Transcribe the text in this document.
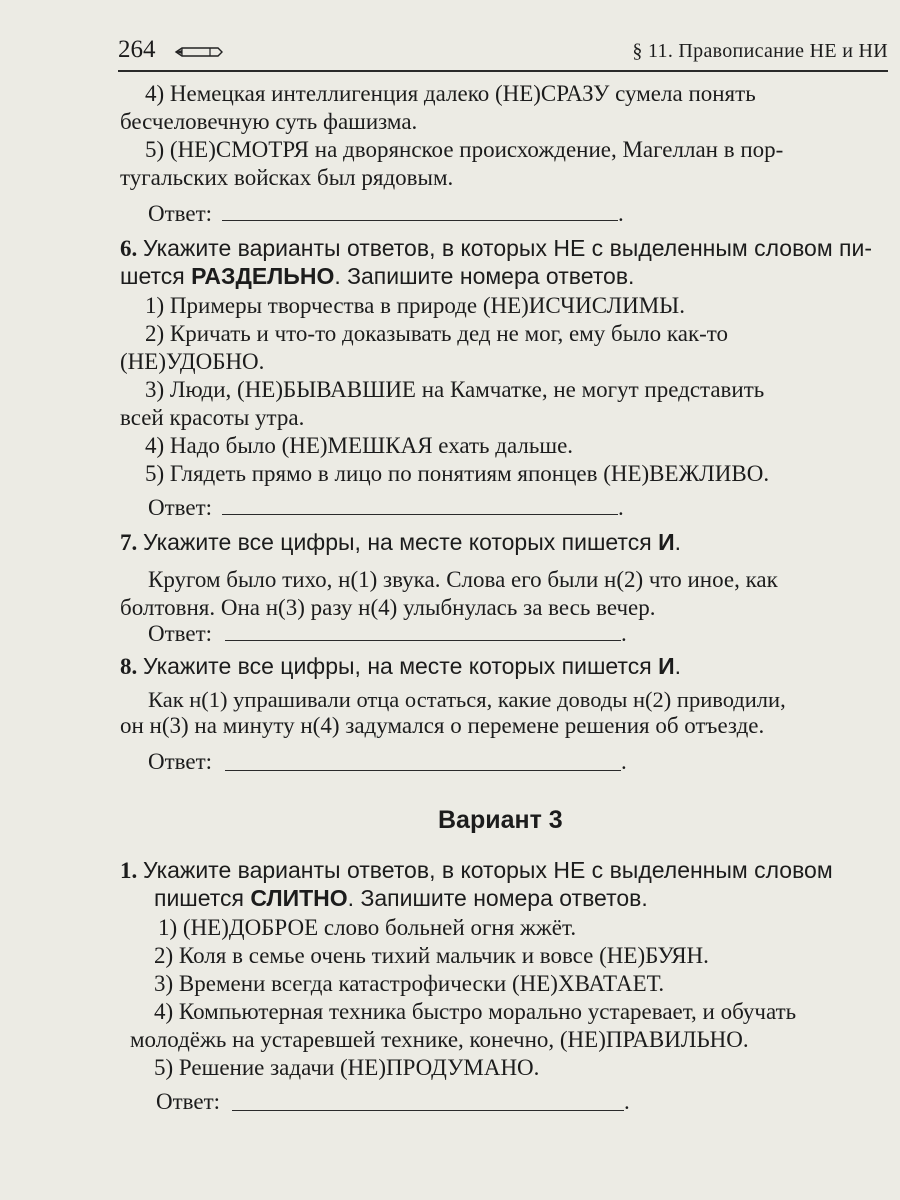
264	§ 11. Правописание НЕ и НИ
4) Немецкая интеллигенция далеко (НЕ)СРАЗУ сумела понять
бесчеловечную суть фашизма.
5) (НЕ)СМОТРЯ на дворянское происхождение, Магеллан в пор-
тугальских войсках был рядовым.
Ответ:	.
6. Укажите варианты ответов, в которых НЕ с выделенным словом пи-
шется РАЗДЕЛЬНО. Запишите номера ответов.
1) Примеры творчества в природе (НЕ)ИСЧИСЛИМЫ.
2) Кричать и что-то доказывать дед не мог, ему было как-то
(НЕ)УДОБНО.
3) Люди, (НЕ)БЫВАВШИЕ на Камчатке, не могут представить
всей красоты утра.
4) Надо было (НЕ)МЕШКАЯ ехать дальше.
5) Глядеть прямо в лицо по понятиям японцев (НЕ)ВЕЖЛИВО.
Ответ:	.
7. Укажите все цифры, на месте которых пишется И.
Кругом было тихо, н(1) звука. Слова его были н(2) что иное, как
болтовня. Она н(3) разу н(4) улыбнулась за весь вечер.
Ответ:	.
8. Укажите все цифры, на месте которых пишется И.
Как н(1) упрашивали отца остаться, какие доводы н(2) приводили,
он н(3) на минуту н(4) задумался о перемене решения об отъезде.
Ответ:	.
Вариант 3
1. Укажите варианты ответов, в которых НЕ с выделенным словом
пишется СЛИТНО. Запишите номера ответов.
1) (НЕ)ДОБРОЕ слово больней огня жжёт.
2) Коля в семье очень тихий мальчик и вовсе (НЕ)БУЯН.
3) Времени всегда катастрофически (НЕ)ХВАТАЕТ.
4) Компьютерная техника быстро морально устаревает, и обучать
молодёжь на устаревшей технике, конечно, (НЕ)ПРАВИЛЬНО.
5) Решение задачи (НЕ)ПРОДУМАНО.
Ответ:	.
